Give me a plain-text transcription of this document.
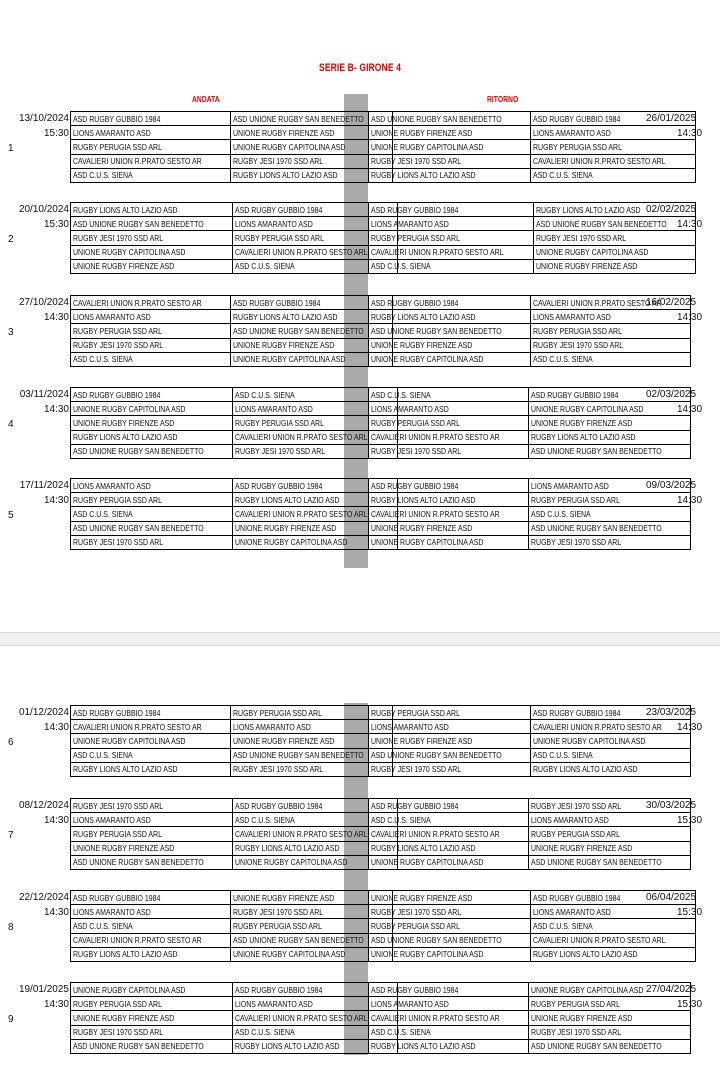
SERIE B- GIRONE 4
ANDATA	RITORNO
13/10/2024
15:30
1
26/01/2025
14:30
ASD RUGBY GUBBIO 1984	ASD UNIONE RUGBY SAN BENEDETTO
LIONS AMARANTO ASD	UNIONE RUGBY FIRENZE ASD
RUGBY PERUGIA SSD ARL	UNIONE RUGBY CAPITOLINA ASD
CAVALIERI UNION R.PRATO SESTO AR	RUGBY JESI 1970 SSD ARL
ASD C.U.S. SIENA	RUGBY LIONS ALTO LAZIO ASD
ASD UNIONE RUGBY SAN BENEDETTO	ASD RUGBY GUBBIO 1984
UNIONE RUGBY FIRENZE ASD	LIONS AMARANTO ASD
UNIONE RUGBY CAPITOLINA ASD	RUGBY PERUGIA SSD ARL
RUGBY JESI 1970 SSD ARL	CAVALIERI UNION R.PRATO SESTO ARL
RUGBY LIONS ALTO LAZIO ASD	ASD C.U.S. SIENA
20/10/2024
15:30
2
02/02/2025
14:30
RUGBY LIONS ALTO LAZIO ASD	ASD RUGBY GUBBIO 1984
ASD UNIONE RUGBY SAN BENEDETTO	LIONS AMARANTO ASD
RUGBY JESI 1970 SSD ARL	RUGBY PERUGIA SSD ARL
UNIONE RUGBY CAPITOLINA ASD	CAVALIERI UNION R.PRATO SESTO ARL
UNIONE RUGBY FIRENZE ASD	ASD C.U.S. SIENA
ASD RUGBY GUBBIO 1984	RUGBY LIONS ALTO LAZIO ASD
LIONS AMARANTO ASD	ASD UNIONE RUGBY SAN BENEDETTO
RUGBY PERUGIA SSD ARL	RUGBY JESI 1970 SSD ARL
CAVALIERI UNION R.PRATO SESTO ARL	UNIONE RUGBY CAPITOLINA ASD
ASD C.U.S. SIENA	UNIONE RUGBY FIRENZE ASD
27/10/2024
14:30
3
16/02/2025
14:30
CAVALIERI UNION R.PRATO SESTO AR	ASD RUGBY GUBBIO 1984
LIONS AMARANTO ASD	RUGBY LIONS ALTO LAZIO ASD
RUGBY PERUGIA SSD ARL	ASD UNIONE RUGBY SAN BENEDETTO
RUGBY JESI 1970 SSD ARL	UNIONE RUGBY FIRENZE ASD
ASD C.U.S. SIENA	UNIONE RUGBY CAPITOLINA ASD
ASD RUGBY GUBBIO 1984	CAVALIERI UNION R.PRATO SESTO AR
RUGBY LIONS ALTO LAZIO ASD	LIONS AMARANTO ASD
ASD UNIONE RUGBY SAN BENEDETTO	RUGBY PERUGIA SSD ARL
UNIONE RUGBY FIRENZE ASD	RUGBY JESI 1970 SSD ARL
UNIONE RUGBY CAPITOLINA ASD	ASD C.U.S. SIENA
03/11/2024
14:30
4
02/03/2025
14:30
ASD RUGBY GUBBIO 1984	ASD C.U.S. SIENA
UNIONE RUGBY CAPITOLINA ASD	LIONS AMARANTO ASD
UNIONE RUGBY FIRENZE ASD	RUGBY PERUGIA SSD ARL
RUGBY LIONS ALTO LAZIO ASD	CAVALIERI UNION R.PRATO SESTO ARL
ASD UNIONE RUGBY SAN BENEDETTO	RUGBY JESI 1970 SSD ARL
ASD C.U.S. SIENA	ASD RUGBY GUBBIO 1984
LIONS AMARANTO ASD	UNIONE RUGBY CAPITOLINA ASD
RUGBY PERUGIA SSD ARL	UNIONE RUGBY FIRENZE ASD
CAVALIERI UNION R.PRATO SESTO AR	RUGBY LIONS ALTO LAZIO ASD
RUGBY JESI 1970 SSD ARL	ASD UNIONE RUGBY SAN BENEDETTO
17/11/2024
14:30
5
09/03/2025
14:30
LIONS AMARANTO ASD	ASD RUGBY GUBBIO 1984
RUGBY PERUGIA SSD ARL	RUGBY LIONS ALTO LAZIO ASD
ASD C.U.S. SIENA	CAVALIERI UNION R.PRATO SESTO ARL
ASD UNIONE RUGBY SAN BENEDETTO	UNIONE RUGBY FIRENZE ASD
RUGBY JESI 1970 SSD ARL	UNIONE RUGBY CAPITOLINA ASD
ASD RUGBY GUBBIO 1984	LIONS AMARANTO ASD
RUGBY LIONS ALTO LAZIO ASD	RUGBY PERUGIA SSD ARL
CAVALIERI UNION R.PRATO SESTO AR	ASD C.U.S. SIENA
UNIONE RUGBY FIRENZE ASD	ASD UNIONE RUGBY SAN BENEDETTO
UNIONE RUGBY CAPITOLINA ASD	RUGBY JESI 1970 SSD ARL
01/12/2024
14:30
6
23/03/2025
14:30
ASD RUGBY GUBBIO 1984	RUGBY PERUGIA SSD ARL
CAVALIERI UNION R.PRATO SESTO AR	LIONS AMARANTO ASD
UNIONE RUGBY CAPITOLINA ASD	UNIONE RUGBY FIRENZE ASD
ASD C.U.S. SIENA	ASD UNIONE RUGBY SAN BENEDETTO
RUGBY LIONS ALTO LAZIO ASD	RUGBY JESI 1970 SSD ARL
RUGBY PERUGIA SSD ARL	ASD RUGBY GUBBIO 1984
LIONS AMARANTO ASD	CAVALIERI UNION R.PRATO SESTO AR
UNIONE RUGBY FIRENZE ASD	UNIONE RUGBY CAPITOLINA ASD
ASD UNIONE RUGBY SAN BENEDETTO	ASD C.U.S. SIENA
RUGBY JESI 1970 SSD ARL	RUGBY LIONS ALTO LAZIO ASD
08/12/2024
14:30
7
30/03/2025
15:30
RUGBY JESI 1970 SSD ARL	ASD RUGBY GUBBIO 1984
LIONS AMARANTO ASD	ASD C.U.S. SIENA
RUGBY PERUGIA SSD ARL	CAVALIERI UNION R.PRATO SESTO ARL
UNIONE RUGBY FIRENZE ASD	RUGBY LIONS ALTO LAZIO ASD
ASD UNIONE RUGBY SAN BENEDETTO	UNIONE RUGBY CAPITOLINA ASD
ASD RUGBY GUBBIO 1984	RUGBY JESI 1970 SSD ARL
ASD C.U.S. SIENA	LIONS AMARANTO ASD
CAVALIERI UNION R.PRATO SESTO AR	RUGBY PERUGIA SSD ARL
RUGBY LIONS ALTO LAZIO ASD	UNIONE RUGBY FIRENZE ASD
UNIONE RUGBY CAPITOLINA ASD	ASD UNIONE RUGBY SAN BENEDETTO
22/12/2024
14:30
8
06/04/2025
15:30
ASD RUGBY GUBBIO 1984	UNIONE RUGBY FIRENZE ASD
LIONS AMARANTO ASD	RUGBY JESI 1970 SSD ARL
ASD C.U.S. SIENA	RUGBY PERUGIA SSD ARL
CAVALIERI UNION R.PRATO SESTO AR	ASD UNIONE RUGBY SAN BENEDETTO
RUGBY LIONS ALTO LAZIO ASD	UNIONE RUGBY CAPITOLINA ASD
UNIONE RUGBY FIRENZE ASD	ASD RUGBY GUBBIO 1984
RUGBY JESI 1970 SSD ARL	LIONS AMARANTO ASD
RUGBY PERUGIA SSD ARL	ASD C.U.S. SIENA
ASD UNIONE RUGBY SAN BENEDETTO	CAVALIERI UNION R.PRATO SESTO ARL
UNIONE RUGBY CAPITOLINA ASD	RUGBY LIONS ALTO LAZIO ASD
19/01/2025
14:30
9
27/04/2025
15:30
UNIONE RUGBY CAPITOLINA ASD	ASD RUGBY GUBBIO 1984
RUGBY PERUGIA SSD ARL	LIONS AMARANTO ASD
UNIONE RUGBY FIRENZE ASD	CAVALIERI UNION R.PRATO SESTO ARL
RUGBY JESI 1970 SSD ARL	ASD C.U.S. SIENA
ASD UNIONE RUGBY SAN BENEDETTO	RUGBY LIONS ALTO LAZIO ASD
ASD RUGBY GUBBIO 1984	UNIONE RUGBY CAPITOLINA ASD
LIONS AMARANTO ASD	RUGBY PERUGIA SSD ARL
CAVALIERI UNION R.PRATO SESTO AR	UNIONE RUGBY FIRENZE ASD
ASD C.U.S. SIENA	RUGBY JESI 1970 SSD ARL
RUGBY LIONS ALTO LAZIO ASD	ASD UNIONE RUGBY SAN BENEDETTO
